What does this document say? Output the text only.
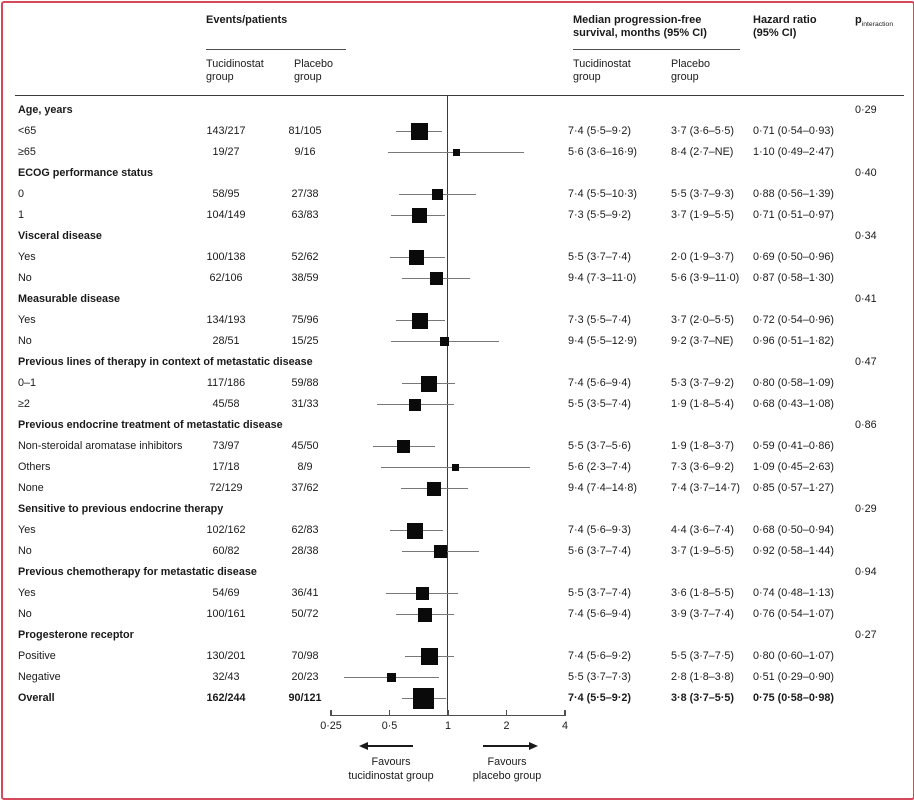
Events/patients
Tucidinostat group
Placebo group
Median progression-free survival, months (95% CI)
Tucidinostat group
Placebo group
Hazard ratio (95% CI)
$p_{interaction}$
Age, years	0·29
<65	143/217	81/105	7·4 (5·5–9·2)	3·7 (3·6–5·5) 0·71 (0·54–0·93)
≥65	19/27	9/16	5·6 (3·6–16·9)	8·4 (2·7–NE) 1·10 (0·49–2·47)
ECOG performance status	0·40
0	58/95	27/38	7·4 (5·5–10·3)	5·5 (3·7–9·3) 0·88 (0·56–1·39)
1	104/149	63/83	7·3 (5·5–9·2)	3·7 (1·9–5·5) 0·71 (0·51–0·97)
Visceral disease	0·34
Yes	100/138	52/62	5·5 (3·7–7·4)	2·0 (1·9–3·7) 0·69 (0·50–0·96)
No	62/106	38/59	9·4 (7·3–11·0)	5·6 (3·9–11·0) 0·87 (0·58–1·30)
Measurable disease	0·41
Yes	134/193	75/96	7·3 (5·5–7·4)	3·7 (2·0–5·5) 0·72 (0·54–0·96)
No	28/51	15/25	9·4 (5·5–12·9)	9·2 (3·7–NE) 0·96 (0·51–1·82)
Previous lines of therapy in context of metastatic disease	0·47
0–1	117/186	59/88	7·4 (5·6–9·4)	5·3 (3·7–9·2) 0·80 (0·58–1·09)
≥2	45/58	31/33	5·5 (3·5–7·4)	1·9 (1·8–5·4) 0·68 (0·43–1·08)
Previous endocrine treatment of metastatic disease	0·86
Non-steroidal aromatase inhibitors	73/97	45/50	5·5 (3·7–5·6)	1·9 (1·8–3·7) 0·59 (0·41–0·86)
Others	17/18	8/9	5·6 (2·3–7·4)	7·3 (3·6–9·2) 1·09 (0·45–2·63)
None	72/129	37/62	9·4 (7·4–14·8)	7·4 (3·7–14·7) 0·85 (0·57–1·27)
Sensitive to previous endocrine therapy	0·29
Yes	102/162	62/83	7·4 (5·6–9·3)	4·4 (3·6–7·4) 0·68 (0·50–0·94)
No	60/82	28/38	5·6 (3·7–7·4)	3·7 (1·9–5·5) 0·92 (0·58–1·44)
Previous chemotherapy for metastatic disease	0·94
Yes	54/69	36/41	5·5 (3·7–7·4)	3·6 (1·8–5·5) 0·74 (0·48–1·13)
No	100/161	50/72	7·4 (5·6–9·4)	3·9 (3·7–7·4) 0·76 (0·54–1·07)
Progesterone receptor	0·27
Positive	130/201	70/98	7·4 (5·6–9·2)	5·5 (3·7–7·5) 0·80 (0·60–1·07)
Negative	32/43	20/23	5·5 (3·7–7·3)	2·8 (1·8–3·8) 0·51 (0·29–0·90)
Overall	162/244	90/121	7·4 (5·5–9·2)	3·8 (3·7–5·5) 0·75 (0·58–0·98)
0·25	0·5	1	2	4
Favours
tucidinostat group
Favours
placebo group
